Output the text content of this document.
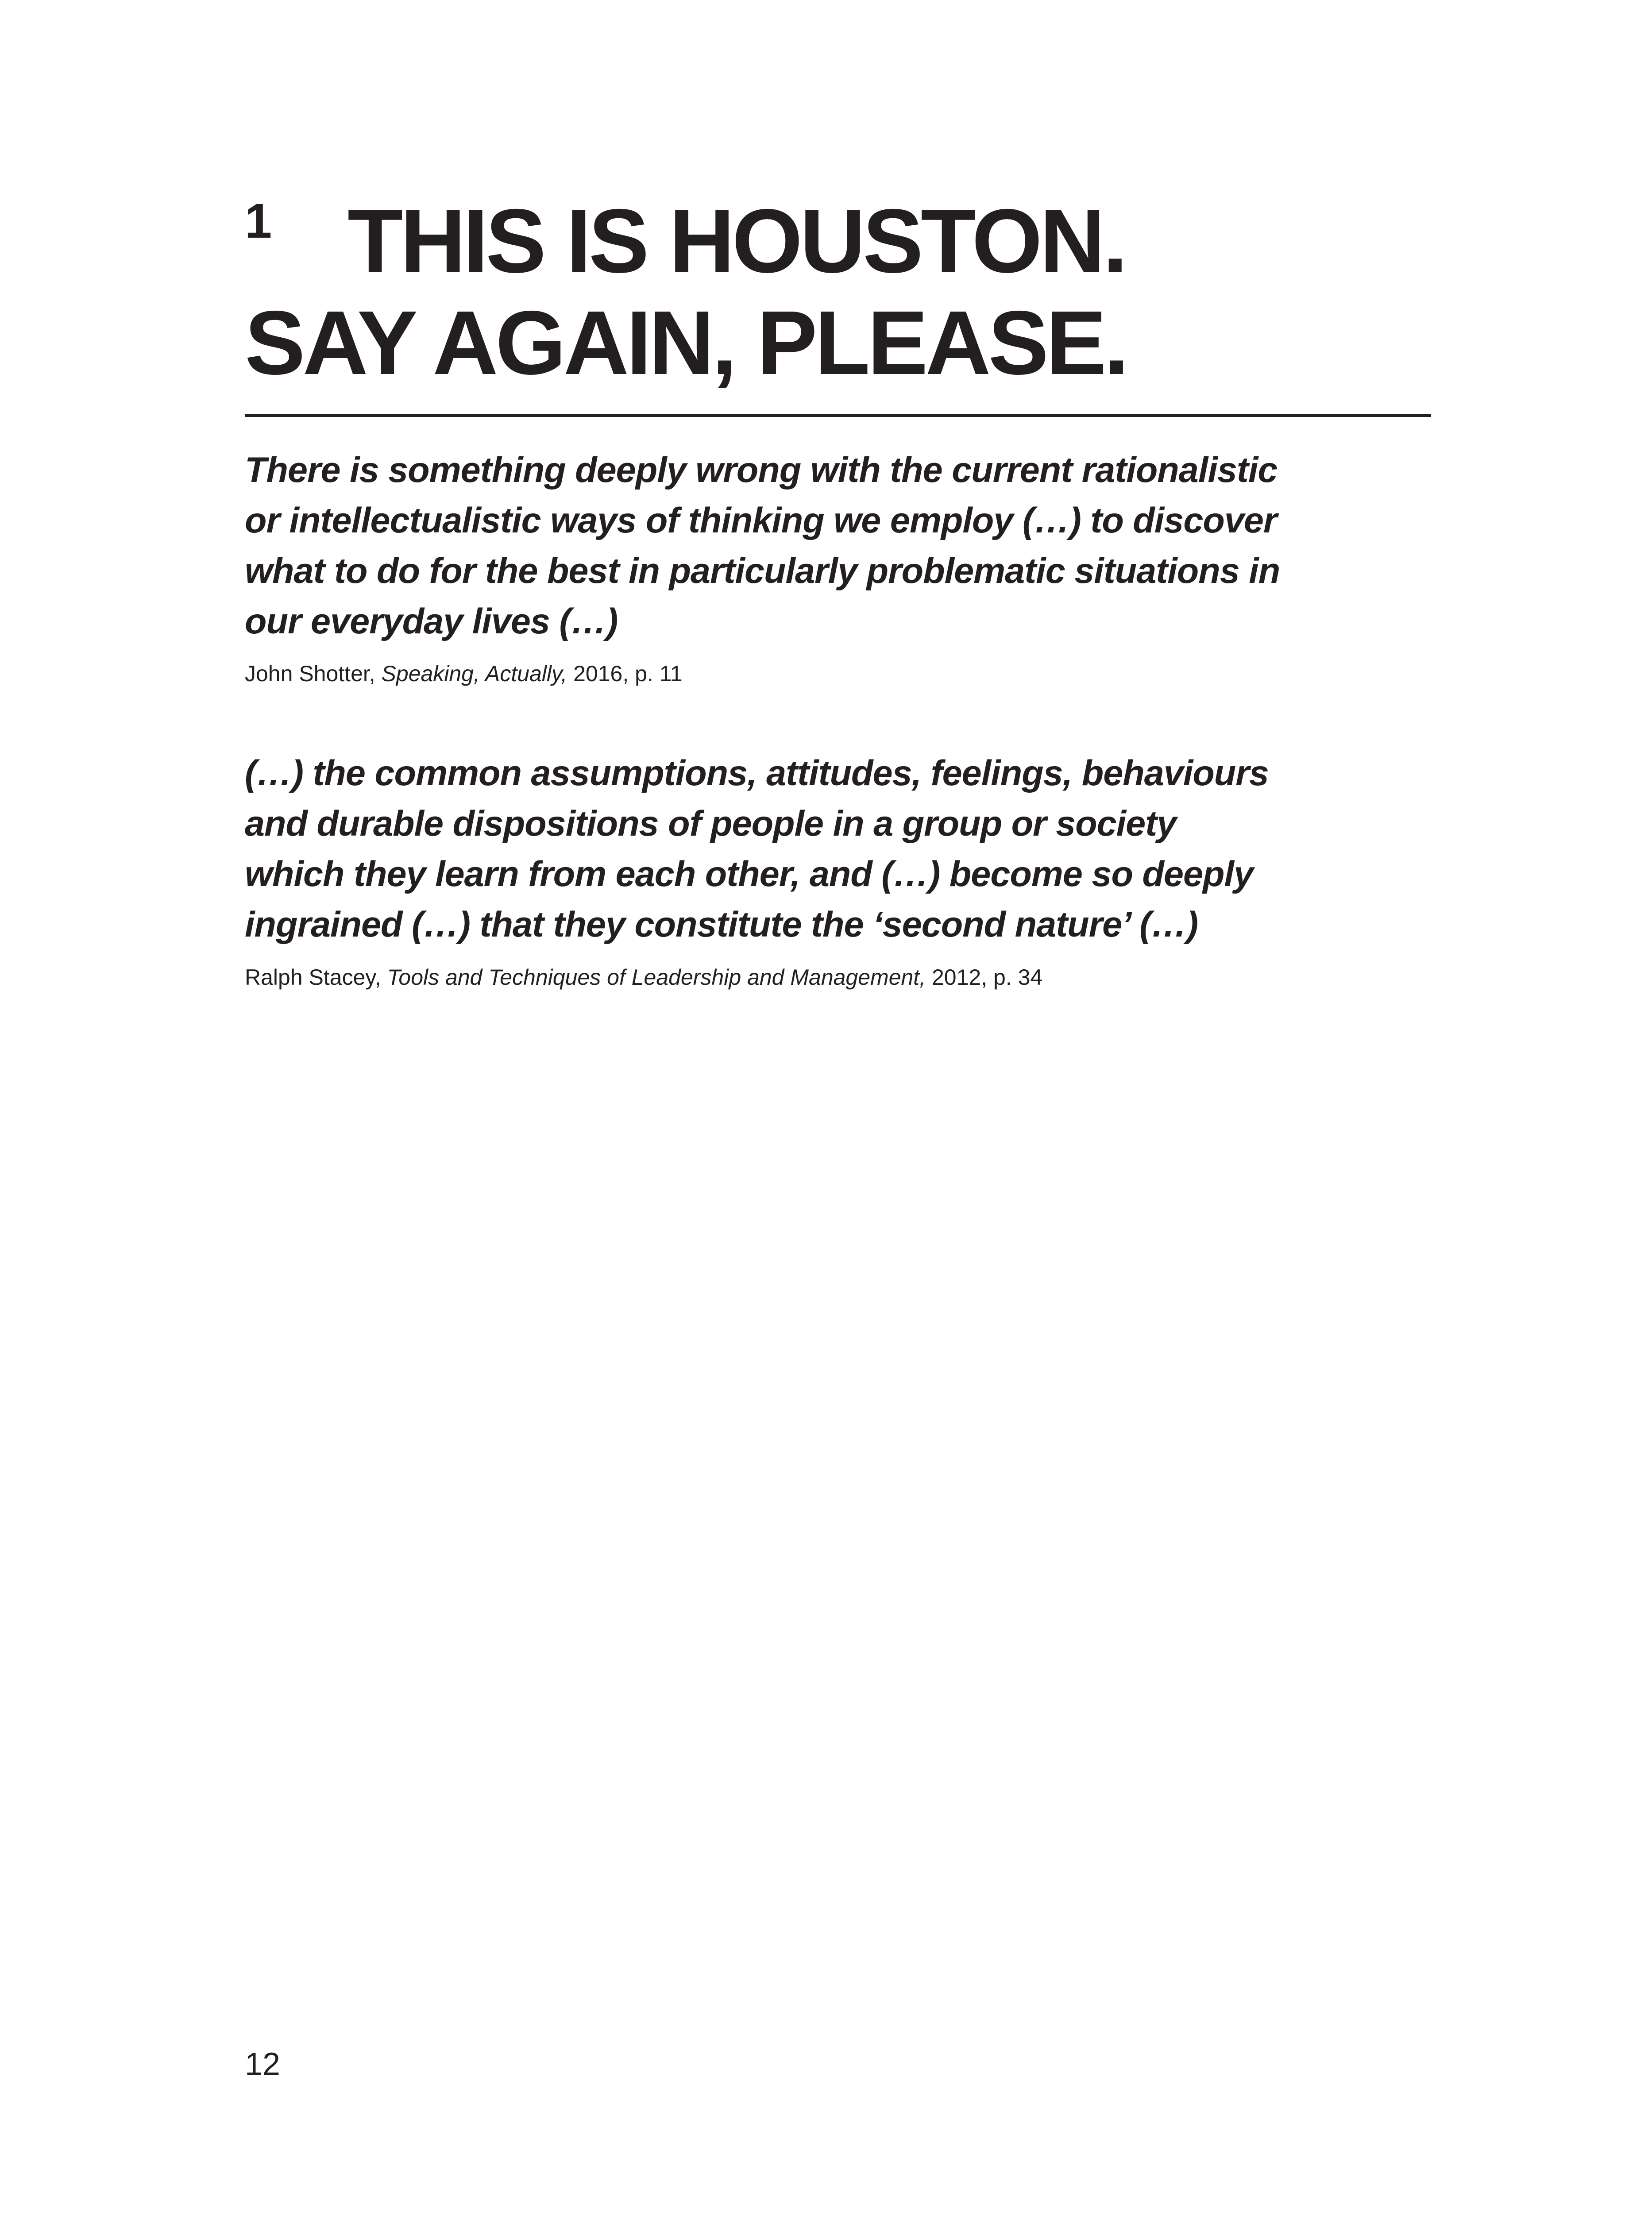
1 THIS IS HOUSTON.
SAY AGAIN, PLEASE.
There is something deeply wrong with the current rationalistic
or intellectualistic ways of thinking we employ (…) to discover
what to do for the best in particularly problematic situations in
our everyday lives (…)
John Shotter, Speaking, Actually, 2016, p. 11
(…) the common assumptions, attitudes, feelings, behaviours
and durable dispositions of people in a group or society
which they learn from each other, and (…) become so deeply
ingrained (…) that they constitute the ‘second nature’ (…)
Ralph Stacey, Tools and Techniques of Leadership and Management, 2012, p. 34
12
